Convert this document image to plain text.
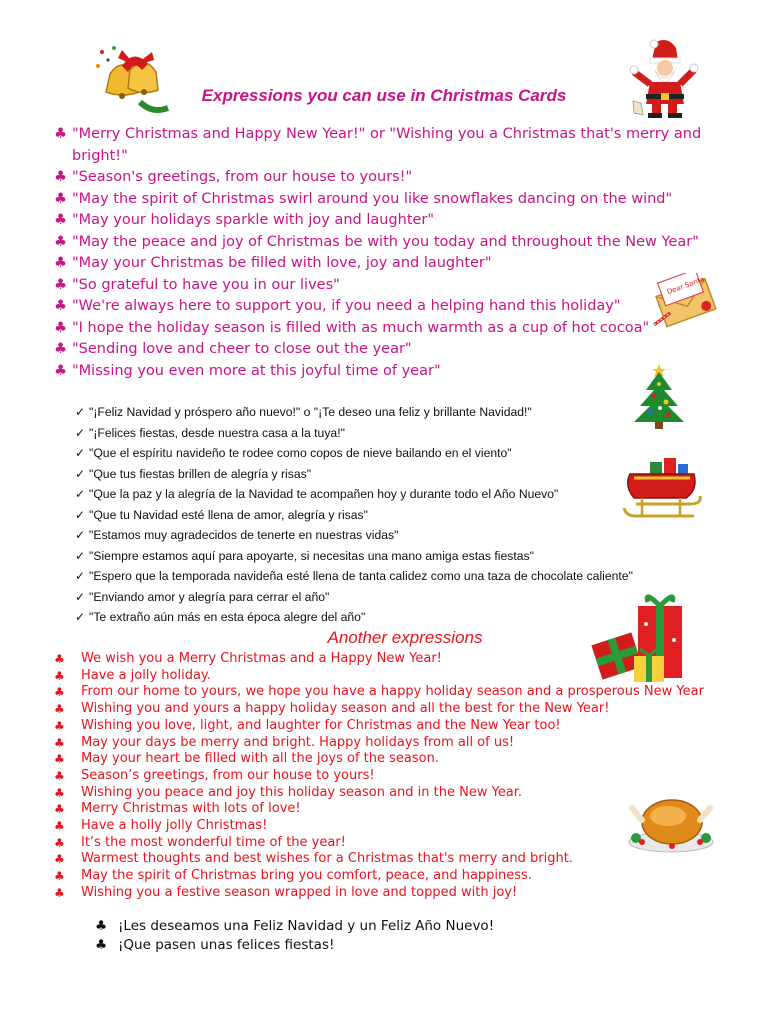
Dear Santa
Expressions you can use in Christmas Cards
♣ "Merry Christmas and Happy New Year!" or "Wishing you a Christmas that's merry and bright!"
♣ "Season's greetings, from our house to yours!"
♣ "May the spirit of Christmas swirl around you like snowflakes dancing on the wind"
♣ "May your holidays sparkle with joy and laughter"
♣ "May the peace and joy of Christmas be with you today and throughout the New Year"
♣ "May your Christmas be filled with love, joy and laughter"
♣ "So grateful to have you in our lives"
♣ "We're always here to support you, if you need a helping hand this holiday"
♣ "I hope the holiday season is filled with as much warmth as a cup of hot cocoa"
♣ "Sending love and cheer to close out the year"
♣ "Missing you even more at this joyful time of year"
✓ "¡Feliz Navidad y próspero año nuevo!" o "¡Te deseo una feliz y brillante Navidad!"
✓ "¡Felices fiestas, desde nuestra casa a la tuya!"
✓ "Que el espíritu navideño te rodee como copos de nieve bailando en el viento"
✓ "Que tus fiestas brillen de alegría y risas"
✓ "Que la paz y la alegría de la Navidad te acompañen hoy y durante todo el Año Nuevo"
✓ "Que tu Navidad esté llena de amor, alegría y risas"
✓ "Estamos muy agradecidos de tenerte en nuestras vidas"
✓ "Siempre estamos aquí para apoyarte, si necesitas una mano amiga estas fiestas"
✓ "Espero que la temporada navideña esté llena de tanta calidez como una taza de chocolate caliente"
✓ "Enviando amor y alegría para cerrar el año"
✓ "Te extraño aún más en esta época alegre del año"
Another expressions
♣ We wish you a Merry Christmas and a Happy New Year!
♣ Have a jolly holiday.
♣ From our home to yours, we hope you have a happy holiday season and a prosperous New Year
♣ Wishing you and yours a happy holiday season and all the best for the New Year!
♣ Wishing you love, light, and laughter for Christmas and the New Year too!
♣ May your days be merry and bright. Happy holidays from all of us!
♣ May your heart be filled with all the joys of the season.
♣ Season’s greetings, from our house to yours!
♣ Wishing you peace and joy this holiday season and in the New Year.
♣ Merry Christmas with lots of love!
♣ Have a holly jolly Christmas!
♣ It’s the most wonderful time of the year!
♣ Warmest thoughts and best wishes for a Christmas that's merry and bright.
♣ May the spirit of Christmas bring you comfort, peace, and happiness.
♣ Wishing you a festive season wrapped in love and topped with joy!
♣ ¡Les deseamos una Feliz Navidad y un Feliz Año Nuevo!
♣ ¡Que pasen unas felices fiestas!
